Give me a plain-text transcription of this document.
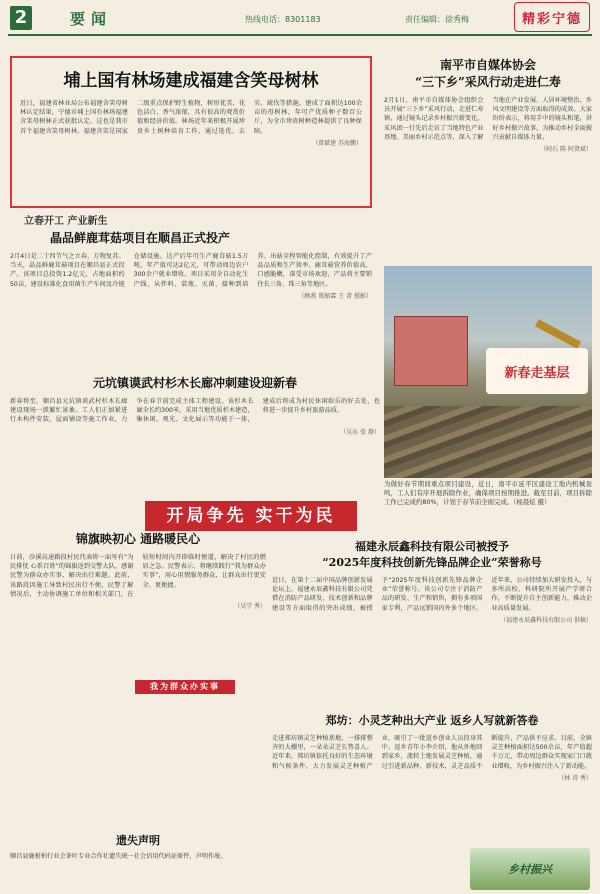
2	要闻	热线电话：8301183	责任编辑：徐秀梅	精彩宁德
埔上国有林场建成福建含笑母树林
近日，福建省林业局公布福建含笑母树林认定结果，宁德市埔上国有林场福建含笑母树林正式获批认定。这也是我市首个福建含笑母树林。福建含笑是国家二级重点保护野生植物，树形优美、花色洁白、香气浓郁，具有很高的观赏价值和经济价值。林场近年来积极开展珍贵乡土树种培育工作，通过选优、去劣、疏伐等措施，建成了面积达100余亩的母树林，年可产优质种子数百公斤，为全市珍贵树种造林提供了良种保障。
（雷斌建 苏海鹏）
南平市自媒体协会
“三下乡”采风行动走进仁寿
2月1日，南平市自媒体协会组织会员开展“三下乡”采风行动，走进仁寿镇，通过镜头记录乡村振兴新变化。采风团一行先后走访了当地特色产业基地、美丽乡村示范点等，深入了解当地在产业发展、人居环境整治、乡风文明建设等方面取得的成效。大家纷纷表示，将用手中的镜头和笔，讲好乡村振兴故事，为推动乡村全面振兴贡献自媒体力量。
（阿石 陈 阿贤斌）
立春开工 产业新生
晶品鲜鹿茸菇项目在顺昌正式投产
2月4日是二十四节气之立春，万物复苏。当天，晶品鲜鹿茸菇项目在顺昌县正式投产。该项目总投资1.2亿元，占地面积约50亩，建设标准化食用菌生产车间及冷链仓储设施，达产后年可生产鹿茸菇1.5万吨，年产值可达2亿元，可带动周边农户300余户就业增收。项目采用全自动化生产线，从拌料、装瓶、灭菌、接种到培养、出菇全程智能化控制，有效提升了产品品质和生产效率。鹿茸菇营养价值高，口感脆嫩，深受市场欢迎，产品将主要销往长三角、珠三角等地区。
（顾燕 郑振霖 王 菁 摄影）
元坑镇谟武村杉木长廊冲刺建设迎新春
新春将至，顺昌县元坑镇谟武村杉木长廊建设现场一派繁忙景象。工人们正加紧进行木构件安装、屋面铺设等施工作业，力争在春节前完成主体工程建设。该杉木长廊全长约300米，采用当地优质杉木建造，集休闲、观光、文化展示等功能于一体，建成后将成为村民休闲娱乐的好去处，也将进一步提升乡村旅游品质。
（吴东 张 静）
开局争先 实干为民
为做好春节期间重点项目建设，近日，南平市延平区建设工地内机械轰鸣，工人们有序开展拆除作业，确保项目按期推进。截至目前，项目拆除工作已完成约80%，计划于春节前全面完成。（杨晨炫 摄）
新春走基层
福建永辰鑫科技有限公司被授予
“2025年度科技创新先锋品牌企业”荣誉称号
近日，在第十二届中国品牌创新发展论坛上，福建永辰鑫科技有限公司凭借在消防产品研发、技术创新和品牌建设等方面取得的突出成绩，被授予“2025年度科技创新先锋品牌企业”荣誉称号。该公司专注于消防产品的研发、生产和销售，拥有多项国家专利，产品远销国内外多个地区。近年来，公司持续加大研发投入，与多所高校、科研院所开展产学研合作，不断提升自主创新能力，推动企业高质量发展。
（福建永辰鑫科技有限公司 供稿）
锦旗映初心 通路暖民心
日前，沙溪高速路段村民代表将一面写有“为民排忧 心系百姓”的锦旗送到交警大队，感谢民警为群众办实事、解决出行难题。此前，该路段因施工导致村民出行不便，民警了解情况后，主动协调施工单位和相关部门，在较短时间内开辟临时便道，解决了村民的燃眉之急。民警表示，将继续践行“我为群众办实事”，用心用情服务群众，让群众出行更安全、更便捷。
（吴学 秀）
我为群众办实事
郑坊：小灵芝种出大产业 返乡人写就新答卷
走进郑坊镇灵芝种植基地，一排排整齐的大棚里，一朵朵灵芝长势喜人。近年来，郑坊镇依托良好的生态环境和气候条件，大力发展灵芝种植产业，吸引了一批返乡创业人员投身其中。返乡青年小李介绍，他从外地回到家乡，流转土地发展灵芝种植，通过引进新品种、新技术，灵芝品质不断提升，产品供不应求。目前，全镇灵芝种植面积达500余亩，年产值超千万元，带动周边群众实现家门口就业增收，为乡村振兴注入了新动能。
（林 诗 秀）
遗失声明
顺昌县鹿柑柏行业会茶叶专业合作社遗失统一社会信用代码证原件，声明作废。
乡村振兴
